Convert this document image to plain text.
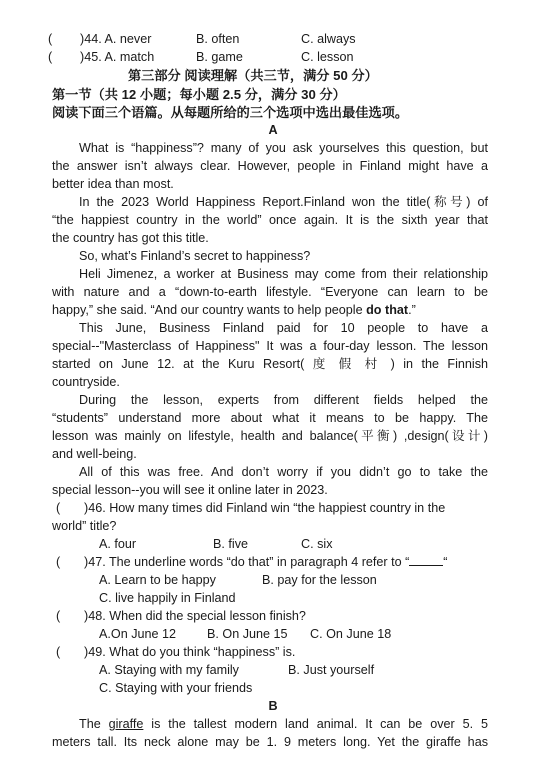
( )44. A. never	B. often	C. always
( )45. A. match	B. game	C. lesson
第三部分 阅读理解（共三节，满分 50 分）
第一节（共 12 小题；每小题 2.5 分，满分 30 分）
阅读下面三个语篇。从每题所给的三个选项中选出最佳选项。
A
What is “happiness”? many of you ask yourselves this question, but
the answer isn’t always clear. However, people in Finland might have a
better idea than most.
In the 2023 World Happiness Report.Finland won the title(称号) of
“the happiest country in the world” once again. It is the sixth year that
the country has got this title.
So, what’s Finland’s secret to happiness?
Heli Jimenez, a worker at Business may come from their relationship
with nature and a “down-to-earth lifestyle. “Everyone can learn to be
happy,” she said. “And our country wants to help people do that.”
This June, Business Finland paid for 10 people to have a
special--"Masterclass of Happiness" It was a four-day lesson. The lesson
started on June 12. at the Kuru Resort( 度 假 村 ) in the Finnish
countryside.
During the lesson, experts from different fields helped the
“students” understand more about what it means to be happy. The
lesson was mainly on lifestyle, health and balance(平衡) ,design(设计)
and well-being.
All of this was free. And don’t worry if you didn’t go to take the
special lesson--you will see it online later in 2023.
( )46. How many times did Finland win “the happiest country in the
world” title?
A. four	B. five	C. six
( )47. The underline words “do that” in paragraph 4 refer to “	“
A. Learn to be happy	B. pay for the lesson
C. live happily in Finland
( )48. When did the special lesson finish?
A.On June 12 B. On June 15 C. On June 18
( )49. What do you think “happiness” is.
A. Staying with my family	B. Just yourself
C. Staying with your friends
B
The giraffe is the tallest modern land animal. It can be over 5. 5
meters tall. Its neck alone may be 1. 9 meters long. Yet the giraffe has
